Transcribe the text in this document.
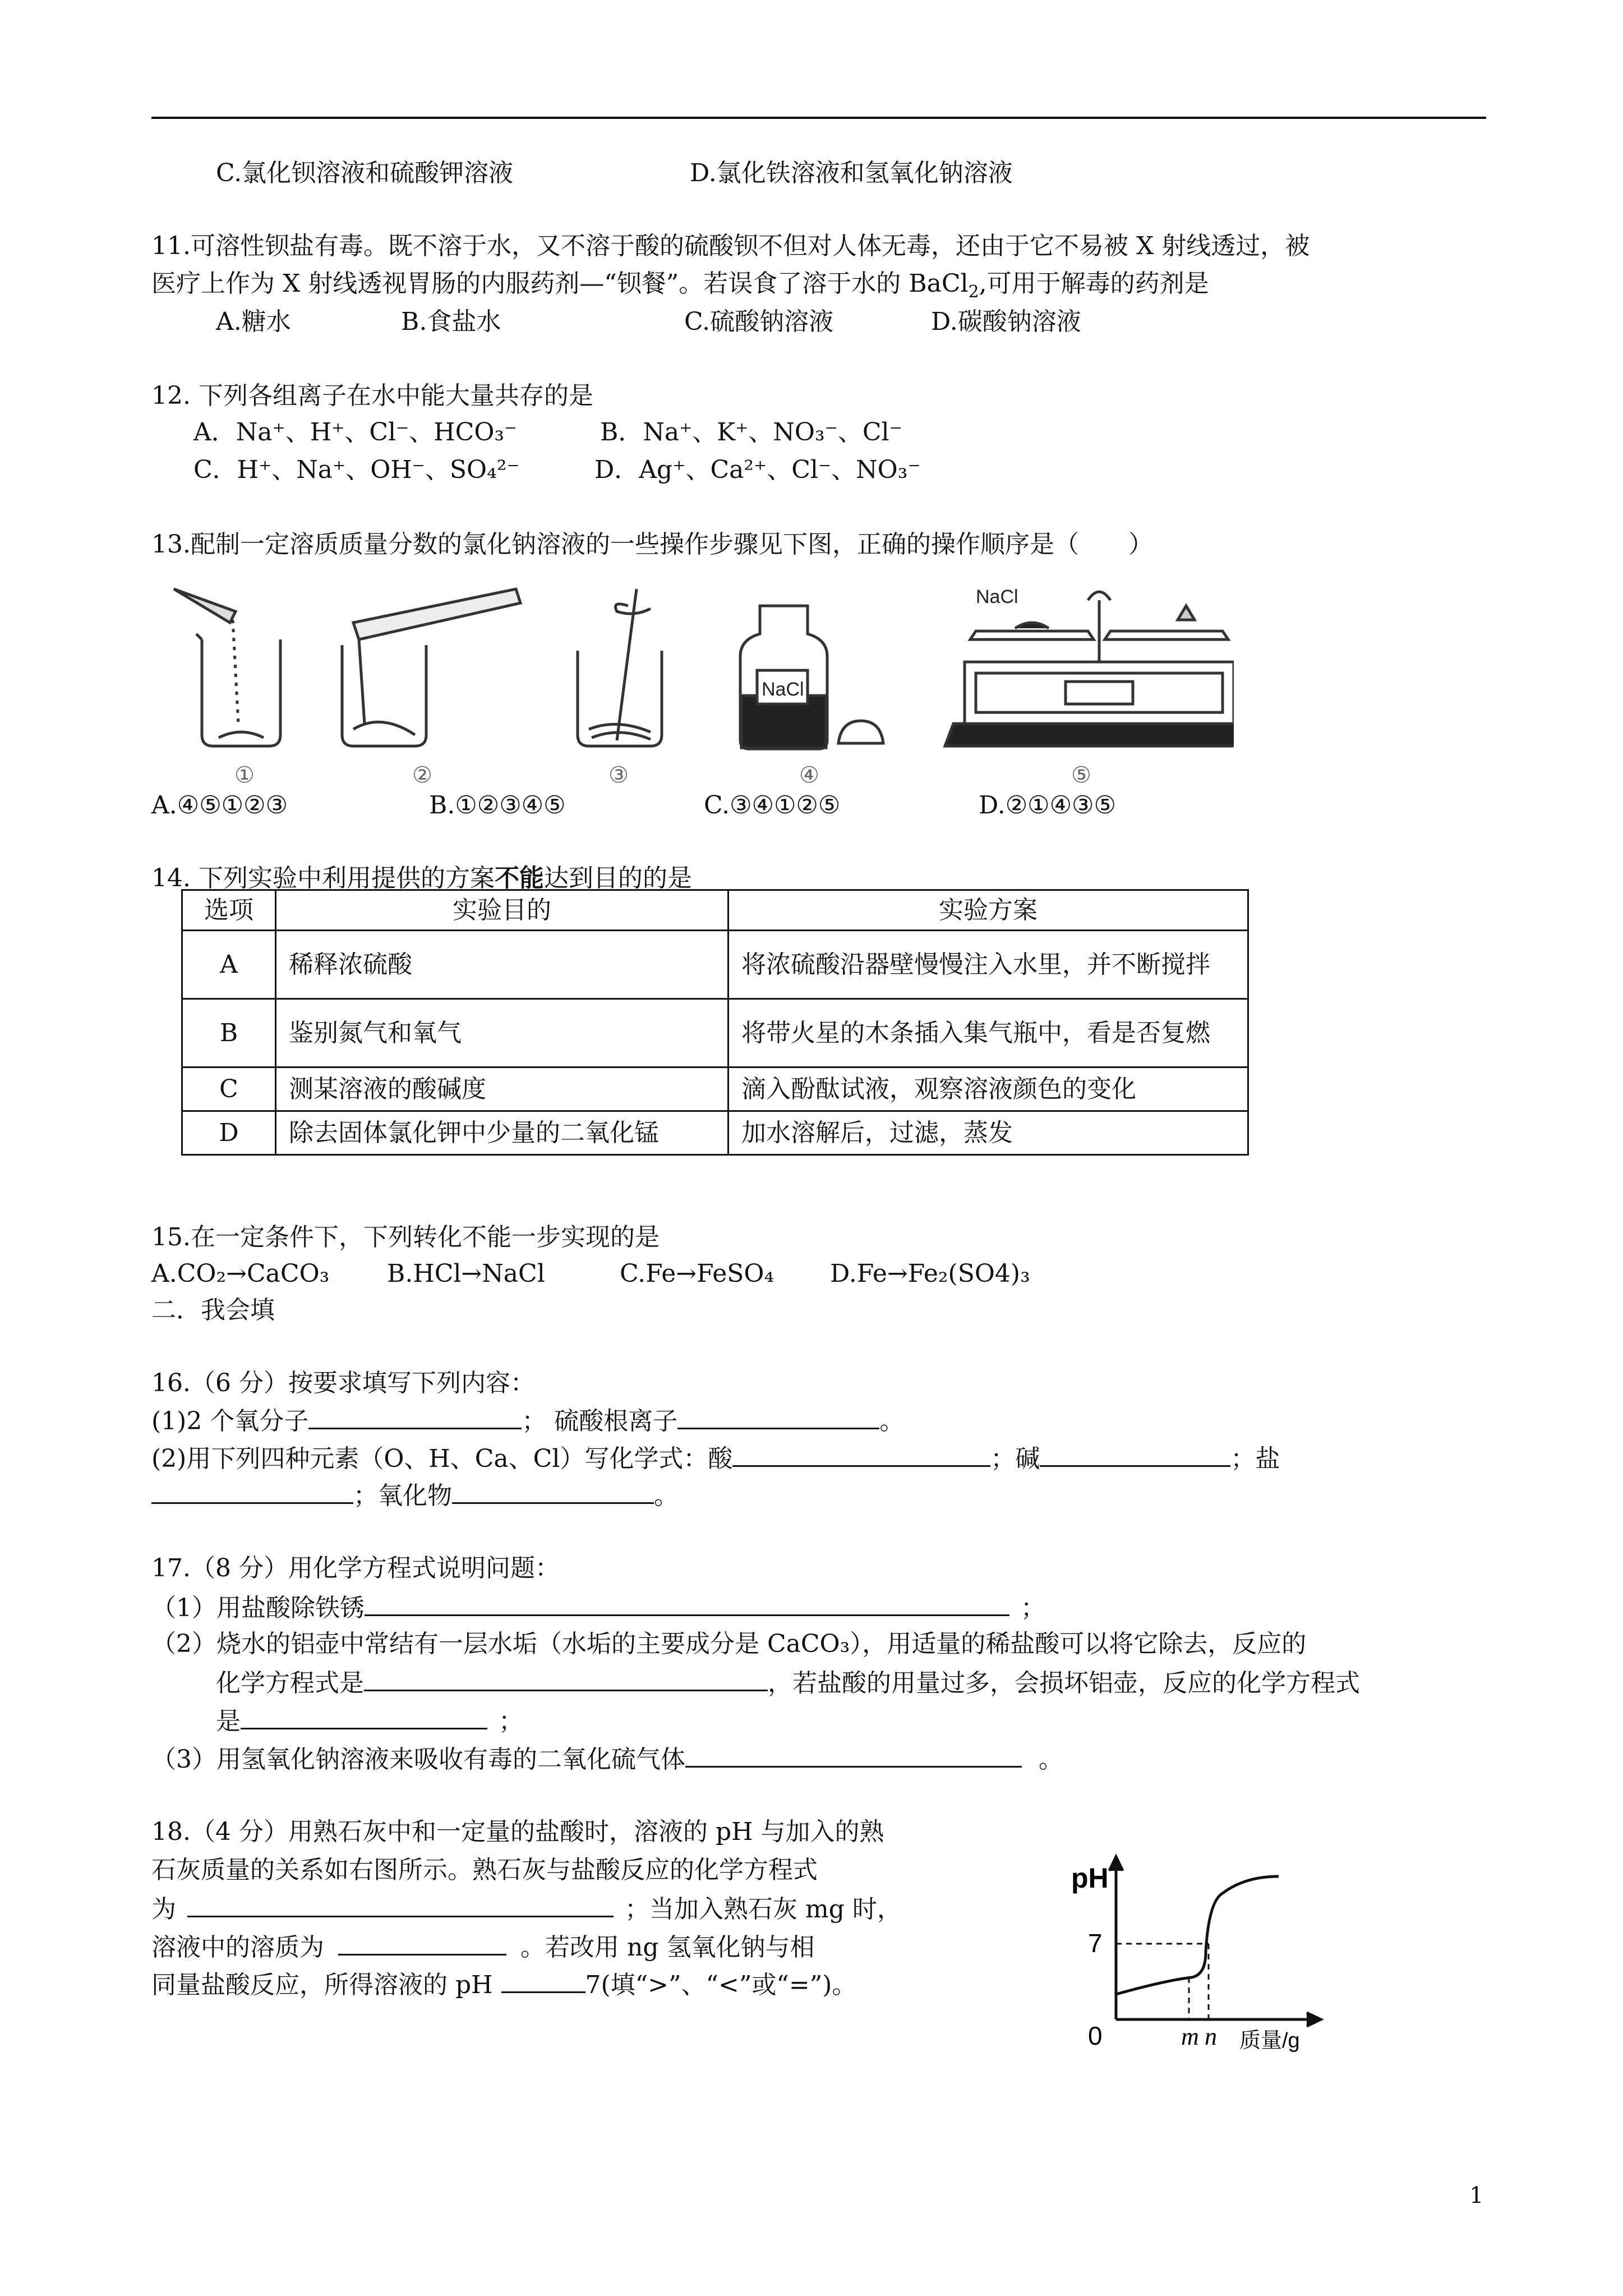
C.氯化钡溶液和硫酸钾溶液	D.氯化铁溶液和氢氧化钠溶液
11.可溶性钡盐有毒。既不溶于水，又不溶于酸的硫酸钡不但对人体无毒，还由于它不易被 X 射线透过，被
医疗上作为 X 射线透视胃肠的内服药剂—“钡餐”。若误食了溶于水的 BaCl$_2$,可用于解毒的药剂是
A.糖水	B.食盐水	C.硫酸钠溶液	D.碳酸钠溶液
12. 下列各组离子在水中能大量共存的是
A．Na⁺、H⁺、Cl⁻、HCO₃⁻	B．Na⁺、K⁺、NO₃⁻、Cl⁻
C．H⁺、Na⁺、OH⁻、SO₄²⁻	D．Ag⁺、Ca²⁺、Cl⁻、NO₃⁻
13.配制一定溶质质量分数的氯化钠溶液的一些操作步骤见下图，正确的操作顺序是（　　）
NaCl
NaCl
①	②	③	④	⑤
A.④⑤①②③	B.①②③④⑤	C.③④①②⑤	D.②①④③⑤
14. 下列实验中利用提供的方案不能达到目的的是
选项	实验目的	实验方案
A	稀释浓硫酸	将浓硫酸沿器壁慢慢注入水里，并不断搅拌
B	鉴别氮气和氧气	将带火星的木条插入集气瓶中，看是否复燃
C	测某溶液的酸碱度	滴入酚酞试液，观察溶液颜色的变化
D	除去固体氯化钾中少量的二氧化锰	加水溶解后，过滤，蒸发
15.在一定条件下，下列转化不能一步实现的是
A.CO₂→CaCO₃ B.HCl→NaCl	C.Fe→FeSO₄ D.Fe→Fe₂(SO4)₃
二．我会填
16.（6 分）按要求填写下列内容：
(1)2 个氧分子	； 硫酸根离子	。
(2)用下列四种元素（O、H、Ca、Cl）写化学式：酸	；碱	；盐
；氧化物	。
17.（8 分）用化学方程式说明问题：
（1）用盐酸除铁锈	；
（2）烧水的铝壶中常结有一层水垢（水垢的主要成分是 CaCO₃），用适量的稀盐酸可以将它除去，反应的
化学方程式是	，若盐酸的用量过多，会损坏铝壶，反应的化学方程式
是	；
（3）用氢氧化钠溶液来吸收有毒的二氧化硫气体	。
18.（4 分）用熟石灰中和一定量的盐酸时，溶液的 pH 与加入的熟
石灰质量的关系如右图所示。熟石灰与盐酸反应的化学方程式
为	；当加入熟石灰 mg 时，
溶液中的溶质为	。若改用 ng 氢氧化钠与相
同量盐酸反应，所得溶液的 pH	7(填“>”、“<”或“=”)。
pH
7
0	m n 质量/g
1
